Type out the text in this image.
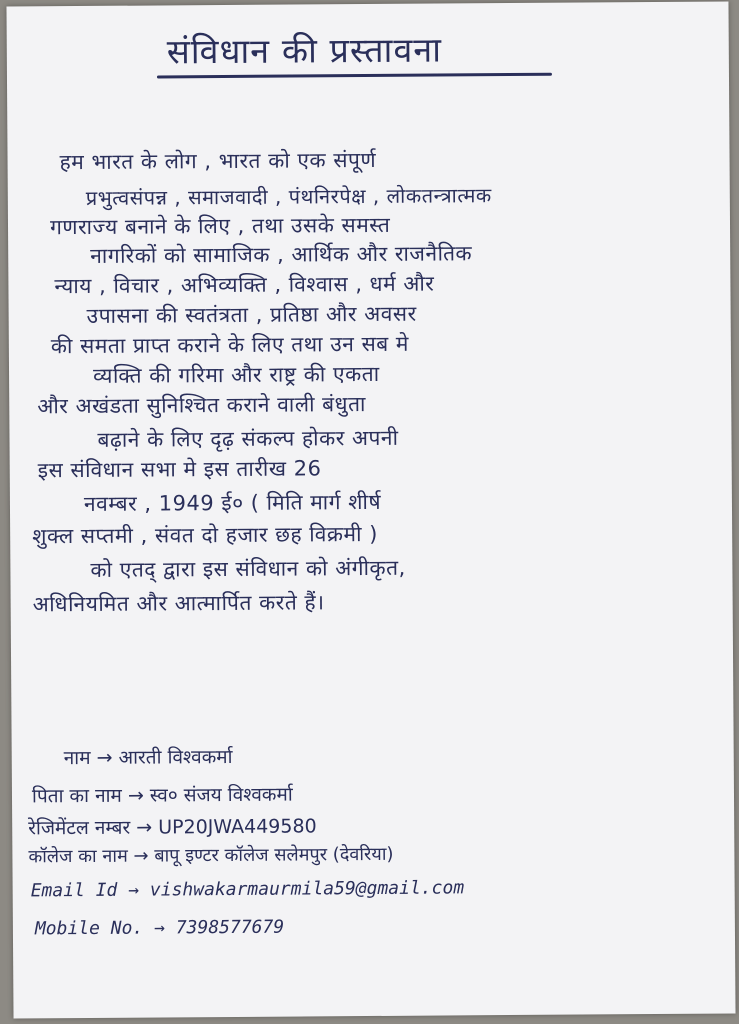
संविधान की प्रस्तावना
हम भारत के लोग , भारत को एक संपूर्ण
प्रभुत्वसंपन्न , समाजवादी , पंथनिरपेक्ष , लोकतन्त्रात्मक
गणराज्य बनाने के लिए , तथा उसके समस्त
नागरिकों को सामाजिक , आर्थिक और राजनैतिक
न्याय , विचार , अभिव्यक्ति , विश्वास , धर्म और
उपासना की स्वतंत्रता , प्रतिष्ठा और अवसर
की समता प्राप्त कराने के लिए तथा उन सब मे
व्यक्ति की गरिमा और राष्ट्र की एकता
और अखंडता सुनिश्चित कराने वाली बंधुता
बढ़ाने के लिए दृढ़ संकल्प होकर अपनी
इस संविधान सभा मे इस तारीख 26
नवम्बर , 1949 ई० ( मिति मार्ग शीर्ष
शुक्ल सप्तमी , संवत दो हजार छह विक्रमी )
को एतद् द्वारा इस संविधान को अंगीकृत,
अधिनियमित और आत्मार्पित करते हैं।
नाम → आरती विश्वकर्मा
पिता का नाम → स्व० संजय विश्वकर्मा
रेजिमेंटल नम्बर → UP20JWA449580
कॉलेज का नाम → बापू इण्टर कॉलेज सलेमपुर (देवरिया)
Email Id → vishwakarmaurmila59@gmail.com
Mobile No. → 7398577679
